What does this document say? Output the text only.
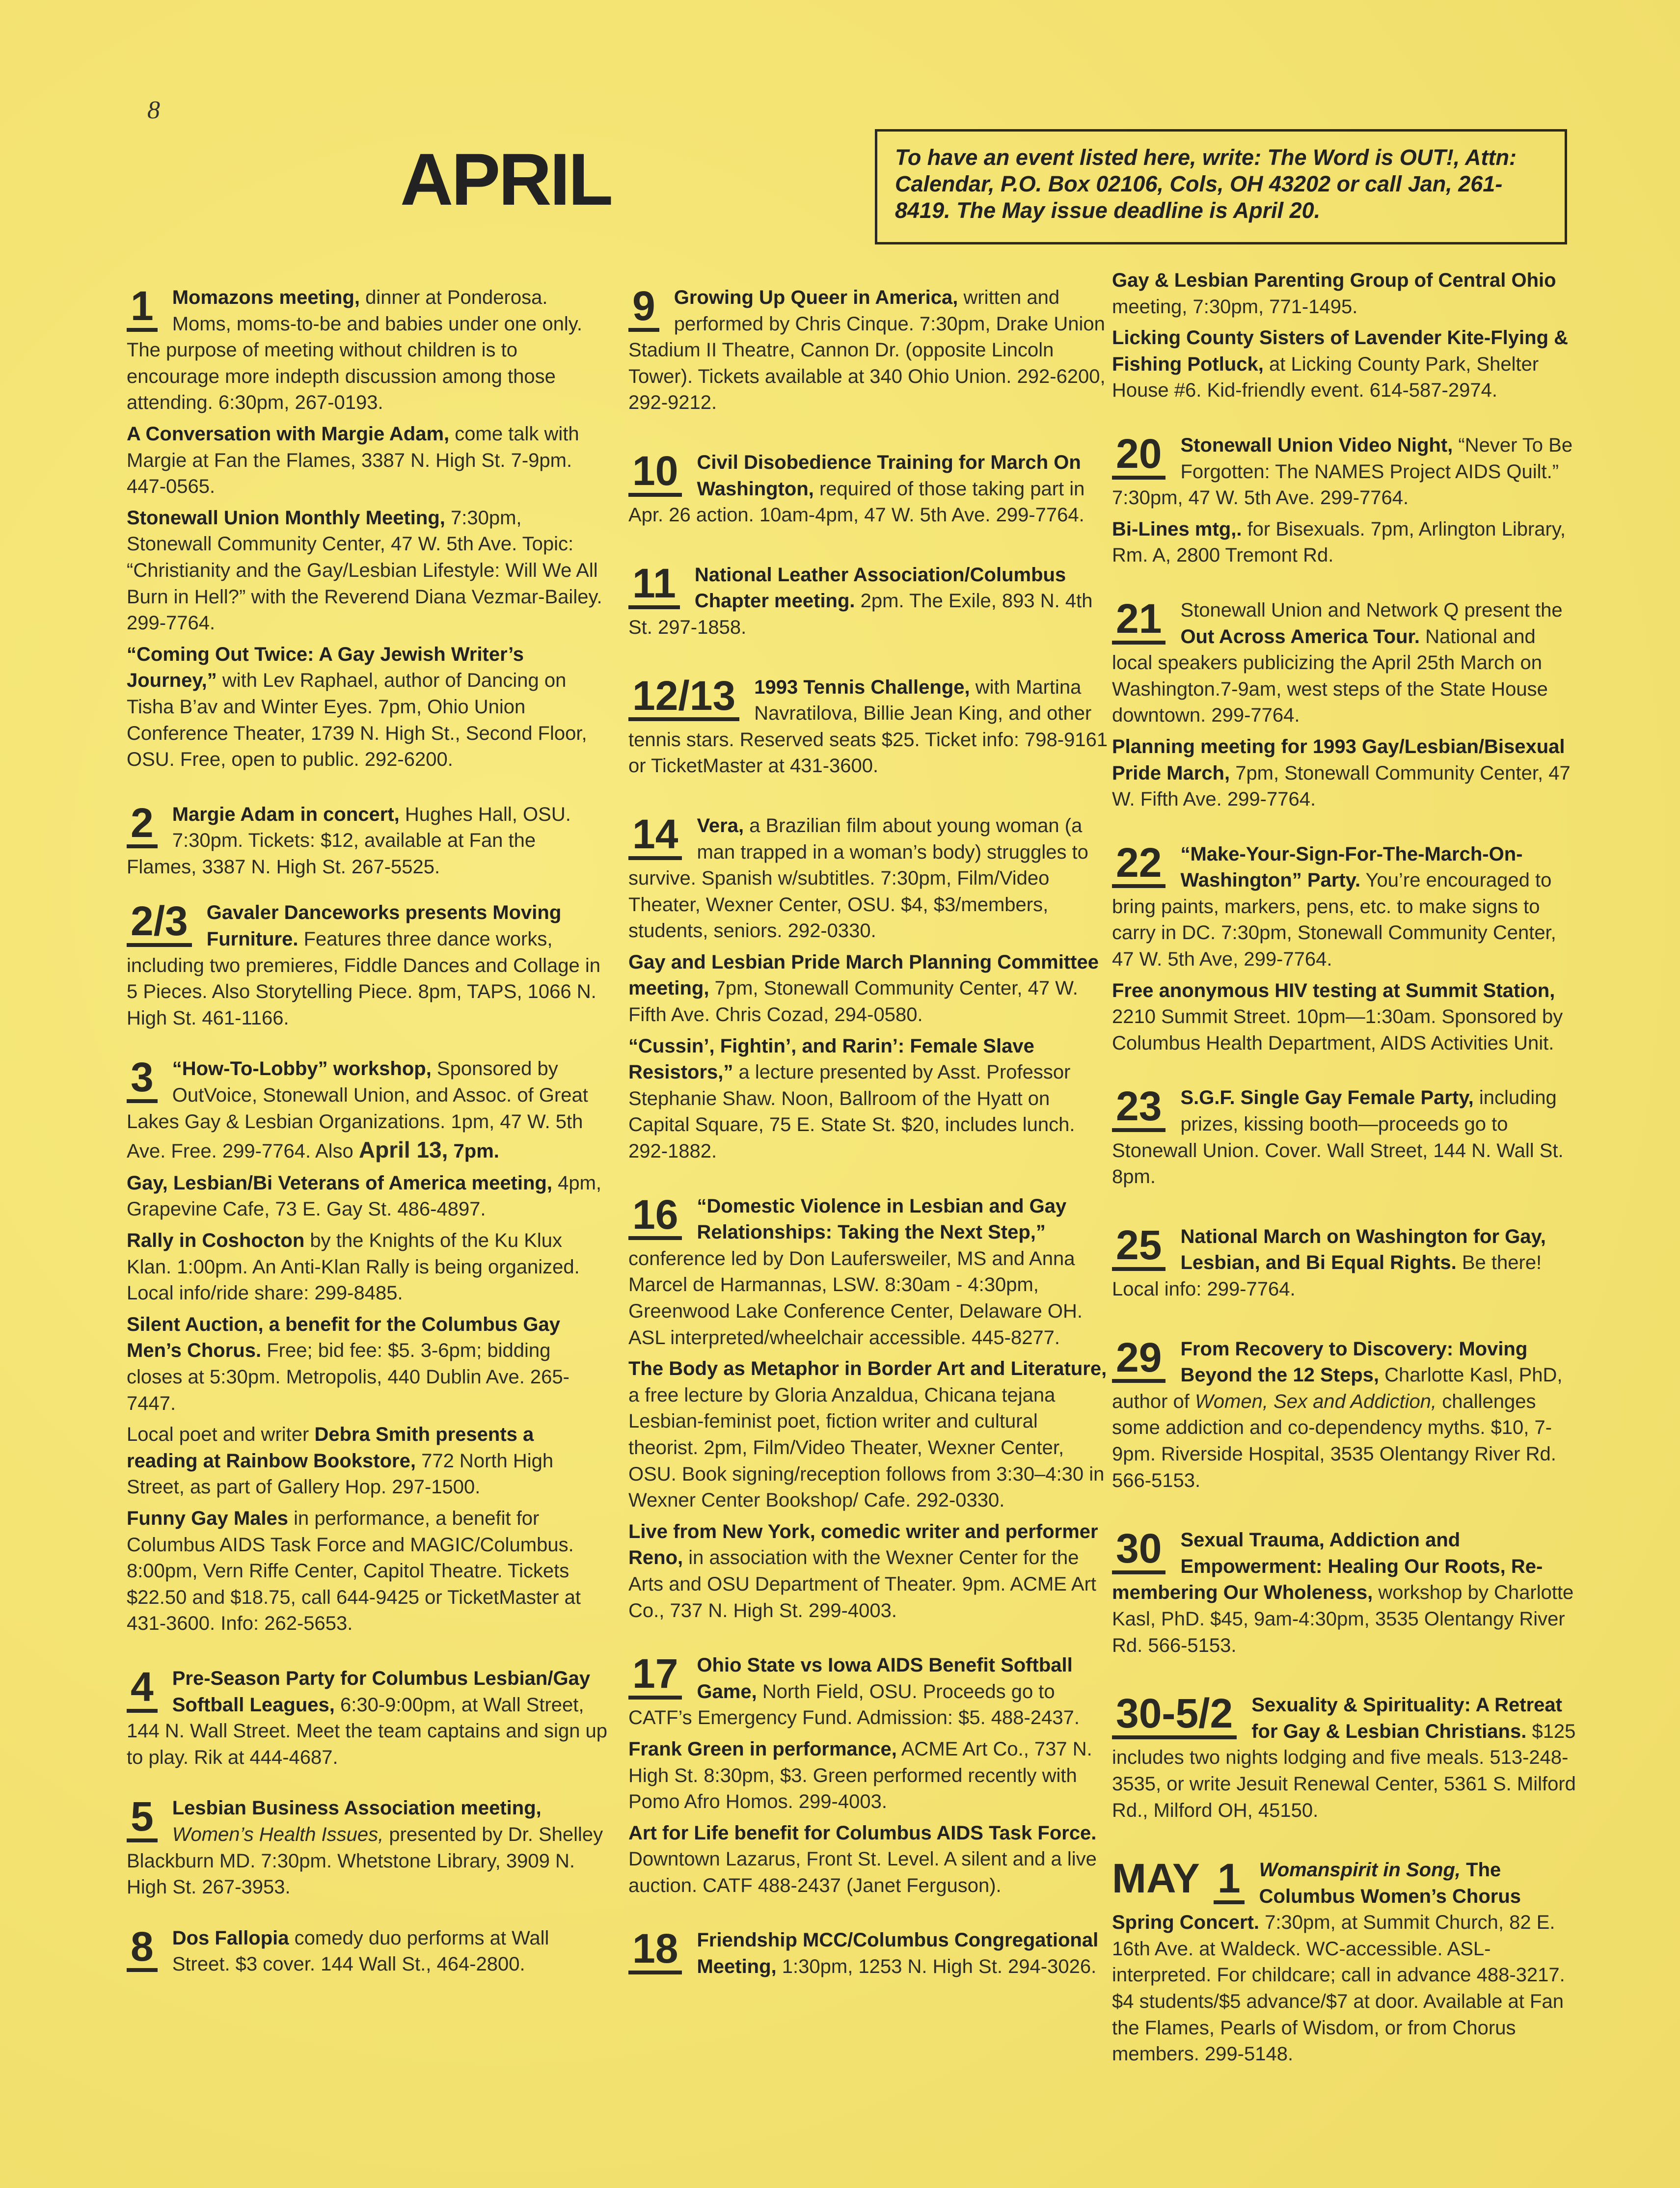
8
APRIL	To have an event listed here, write: The Word is OUT!, Attn: Calendar, P.O. Box 02106, Cols, OH 43202 or call Jan, 261-8419. The May issue deadline is April 20.
1 Momazons meeting, dinner at Ponderosa. Moms, moms-to-be and babies under one only. The purpose of meeting without children is to encourage more indepth discussion among those attending. 6:30pm, 267-0193.

A Conversation with Margie Adam, come talk with Margie at Fan the Flames, 3387 N. High St. 7-9pm. 447-0565.

Stonewall Union Monthly Meeting, 7:30pm, Stonewall Community Center, 47 W. 5th Ave. Topic: “Christianity and the Gay/Lesbian Lifestyle: Will We All Burn in Hell?” with the Reverend Diana Vezmar-Bailey. 299-7764.

“Coming Out Twice: A Gay Jewish Writer’s Journey,” with Lev Raphael, author of Dancing on Tisha B’av and Winter Eyes. 7pm, Ohio Union Conference Theater, 1739 N. High St., Second Floor, OSU. Free, open to public. 292-6200.

2 Margie Adam in concert, Hughes Hall, OSU. 7:30pm. Tickets: $12, available at Fan the Flames, 3387 N. High St. 267-5525.

2/3 Gavaler Danceworks presents Moving Furniture. Features three dance works, including two premieres, Fiddle Dances and Collage in 5 Pieces. Also Storytelling Piece. 8pm, TAPS, 1066 N. High St. 461-1166.

3 “How-To-Lobby” workshop, Sponsored by OutVoice, Stonewall Union, and Assoc. of Great Lakes Gay & Lesbian Organizations. 1pm, 47 W. 5th Ave. Free. 299-7764. Also April 13, 7pm.

Gay, Lesbian/Bi Veterans of America meeting, 4pm, Grapevine Cafe, 73 E. Gay St. 486-4897.

Rally in Coshocton by the Knights of the Ku Klux Klan. 1:00pm. An Anti-Klan Rally is being organized. Local info/ride share: 299-8485.

Silent Auction, a benefit for the Columbus Gay Men’s Chorus. Free; bid fee: $5. 3-6pm; bidding closes at 5:30pm. Metropolis, 440 Dublin Ave. 265-7447.

Local poet and writer Debra Smith presents a reading at Rainbow Bookstore, 772 North High Street, as part of Gallery Hop. 297-1500.

Funny Gay Males in performance, a benefit for Columbus AIDS Task Force and MAGIC/Columbus. 8:00pm, Vern Riffe Center, Capitol Theatre. Tickets $22.50 and $18.75, call 644-9425 or TicketMaster at 431-3600. Info: 262-5653.

4 Pre-Season Party for Columbus Lesbian/Gay Softball Leagues, 6:30-9:00pm, at Wall Street, 144 N. Wall Street. Meet the team captains and sign up to play. Rik at 444-4687.

5 Lesbian Business Association meeting, Women’s Health Issues, presented by Dr. Shelley Blackburn MD. 7:30pm. Whetstone Library, 3909 N. High St. 267-3953.

8 Dos Fallopia comedy duo performs at Wall Street. $3 cover. 144 Wall St., 464-2800.

9 Growing Up Queer in America, written and performed by Chris Cinque. 7:30pm, Drake Union Stadium II Theatre, Cannon Dr. (opposite Lincoln Tower). Tickets available at 340 Ohio Union. 292-6200, 292-9212.

10 Civil Disobedience Training for March On Washington, required of those taking part in Apr. 26 action. 10am-4pm, 47 W. 5th Ave. 299-7764.

11 National Leather Association/Columbus Chapter meeting. 2pm. The Exile, 893 N. 4th St. 297-1858.

12/13 1993 Tennis Challenge, with Martina Navratilova, Billie Jean King, and other tennis stars. Reserved seats $25. Ticket info: 798-9161 or TicketMaster at 431-3600.

14 Vera, a Brazilian film about young woman (a man trapped in a woman’s body) struggles to survive. Spanish w/subtitles. 7:30pm, Film/Video Theater, Wexner Center, OSU. $4, $3/members, students, seniors. 292-0330.

Gay and Lesbian Pride March Planning Committee meeting, 7pm, Stonewall Community Center, 47 W. Fifth Ave. Chris Cozad, 294-0580.

“Cussin’, Fightin’, and Rarin’: Female Slave Resistors,” a lecture presented by Asst. Professor Stephanie Shaw. Noon, Ballroom of the Hyatt on Capital Square, 75 E. State St. $20, includes lunch. 292-1882.

16 “Domestic Violence in Lesbian and Gay Relationships: Taking the Next Step,” conference led by Don Laufersweiler, MS and Anna Marcel de Harmannas, LSW. 8:30am - 4:30pm, Greenwood Lake Conference Center, Delaware OH. ASL interpreted/wheelchair accessible. 445-8277.

The Body as Metaphor in Border Art and Literature, a free lecture by Gloria Anzaldua, Chicana tejana Lesbian-feminist poet, fiction writer and cultural theorist. 2pm, Film/Video Theater, Wexner Center, OSU. Book signing/reception follows from 3:30–4:30 in Wexner Center Bookshop/ Cafe. 292-0330.

Live from New York, comedic writer and performer Reno, in association with the Wexner Center for the Arts and OSU Department of Theater. 9pm. ACME Art Co., 737 N. High St. 299-4003.

17 Ohio State vs Iowa AIDS Benefit Softball Game, North Field, OSU. Proceeds go to CATF’s Emergency Fund. Admission: $5. 488-2437.

Frank Green in performance, ACME Art Co., 737 N. High St. 8:30pm, $3. Green performed recently with Pomo Afro Homos. 299-4003.

Art for Life benefit for Columbus AIDS Task Force. Downtown Lazarus, Front St. Level. A silent and a live auction. CATF 488-2437 (Janet Ferguson).

18 Friendship MCC/Columbus Congregational Meeting, 1:30pm, 1253 N. High St. 294-3026.

Gay & Lesbian Parenting Group of Central Ohio meeting, 7:30pm, 771-1495.

Licking County Sisters of Lavender Kite-Flying & Fishing Potluck, at Licking County Park, Shelter House #6. Kid-friendly event. 614-587-2974.

20 Stonewall Union Video Night, “Never To Be Forgotten: The NAMES Project AIDS Quilt.” 7:30pm, 47 W. 5th Ave. 299-7764.

Bi-Lines mtg,. for Bisexuals. 7pm, Arlington Library, Rm. A, 2800 Tremont Rd.

21 Stonewall Union and Network Q present the Out Across America Tour. National and local speakers publicizing the April 25th March on Washington.7-9am, west steps of the State House downtown. 299-7764.

Planning meeting for 1993 Gay/Lesbian/Bisexual Pride March, 7pm, Stonewall Community Center, 47 W. Fifth Ave. 299-7764.

22 “Make-Your-Sign-For-The-March-On-Washington” Party. You’re encouraged to bring paints, markers, pens, etc. to make signs to carry in DC. 7:30pm, Stonewall Community Center, 47 W. 5th Ave, 299-7764.

Free anonymous HIV testing at Summit Station, 2210 Summit Street. 10pm—1:30am. Sponsored by Columbus Health Department, AIDS Activities Unit.

23 S.G.F. Single Gay Female Party, including prizes, kissing booth—proceeds go to Stonewall Union. Cover. Wall Street, 144 N. Wall St. 8pm.

25 National March on Washington for Gay, Lesbian, and Bi Equal Rights. Be there! Local info: 299-7764.

29 From Recovery to Discovery: Moving Beyond the 12 Steps, Charlotte Kasl, PhD, author of Women, Sex and Addiction, challenges some addiction and co-dependency myths. $10, 7-9pm. Riverside Hospital, 3535 Olentangy River Rd. 566-5153.

30 Sexual Trauma, Addiction and Empowerment: Healing Our Roots, Re-membering Our Wholeness, workshop by Charlotte Kasl, PhD. $45, 9am-4:30pm, 3535 Olentangy River Rd. 566-5153.

30-5/2 Sexuality & Spirituality: A Retreat for Gay & Lesbian Christians. $125 includes two nights lodging and five meals. 513-248-3535, or write Jesuit Renewal Center, 5361 S. Milford Rd., Milford OH, 45150.

MAY 1 Womanspirit in Song, The Columbus Women’s Chorus Spring Concert. 7:30pm, at Summit Church, 82 E. 16th Ave. at Waldeck. WC-accessible. ASL-interpreted. For childcare; call in advance 488-3217. $4 students/$5 advance/$7 at door. Available at Fan the Flames, Pearls of Wisdom, or from Chorus members. 299-5148.
